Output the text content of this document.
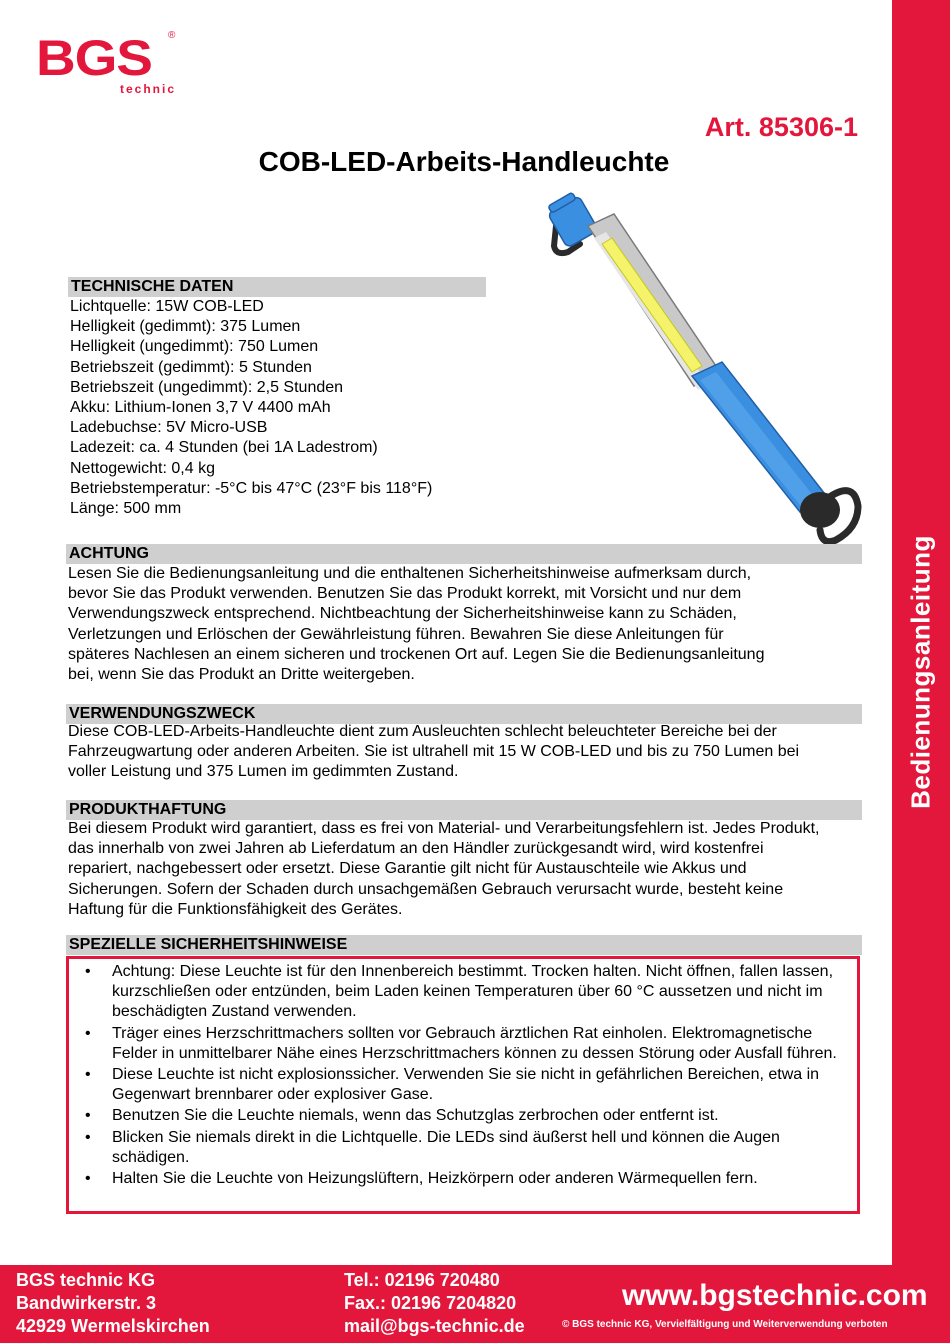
BGS ®
technic
Bedienungsanleitung
Art. 85306-1
COB-LED-Arbeits-Handleuchte
TECHNISCHE DATEN
Lichtquelle: 15W COB-LED
Helligkeit (gedimmt): 375 Lumen
Helligkeit (ungedimmt): 750 Lumen
Betriebszeit (gedimmt): 5 Stunden
Betriebszeit (ungedimmt): 2,5 Stunden
Akku: Lithium-Ionen 3,7 V 4400 mAh
Ladebuchse: 5V Micro-USB
Ladezeit: ca. 4 Stunden (bei 1A Ladestrom)
Nettogewicht: 0,4 kg
Betriebstemperatur: -5°C bis 47°C (23°F bis 118°F)
Länge: 500 mm
ACHTUNG
Lesen Sie die Bedienungsanleitung und die enthaltenen Sicherheitshinweise aufmerksam durch,
bevor Sie das Produkt verwenden. Benutzen Sie das Produkt korrekt, mit Vorsicht und nur dem
Verwendungszweck entsprechend. Nichtbeachtung der Sicherheitshinweise kann zu Schäden,
Verletzungen und Erlöschen der Gewährleistung führen. Bewahren Sie diese Anleitungen für
späteres Nachlesen an einem sicheren und trockenen Ort auf. Legen Sie die Bedienungsanleitung
bei, wenn Sie das Produkt an Dritte weitergeben.
VERWENDUNGSZWECK
Diese COB-LED-Arbeits-Handleuchte dient zum Ausleuchten schlecht beleuchteter Bereiche bei der
Fahrzeugwartung oder anderen Arbeiten. Sie ist ultrahell mit 15 W COB-LED und bis zu 750 Lumen bei
voller Leistung und 375 Lumen im gedimmten Zustand.
PRODUKTHAFTUNG
Bei diesem Produkt wird garantiert, dass es frei von Material- und Verarbeitungsfehlern ist. Jedes Produkt,
das innerhalb von zwei Jahren ab Lieferdatum an den Händler zurückgesandt wird, wird kostenfrei
repariert, nachgebessert oder ersetzt. Diese Garantie gilt nicht für Austauschteile wie Akkus und
Sicherungen. Sofern der Schaden durch unsachgemäßen Gebrauch verursacht wurde, besteht keine
Haftung für die Funktionsfähigkeit des Gerätes.
SPEZIELLE SICHERHEITSHINWEISE
• Achtung: Diese Leuchte ist für den Innenbereich bestimmt. Trocken halten. Nicht öffnen, fallen lassen, kurzschließen oder entzünden, beim Laden keinen Temperaturen über 60 °C aussetzen und nicht im beschädigten Zustand verwenden.
• Träger eines Herzschrittmachers sollten vor Gebrauch ärztlichen Rat einholen. Elektromagnetische Felder in unmittelbarer Nähe eines Herzschrittmachers können zu dessen Störung oder Ausfall führen.
• Diese Leuchte ist nicht explosionssicher. Verwenden Sie sie nicht in gefährlichen Bereichen, etwa in Gegenwart brennbarer oder explosiver Gase.
• Benutzen Sie die Leuchte niemals, wenn das Schutzglas zerbrochen oder entfernt ist.
• Blicken Sie niemals direkt in die Lichtquelle. Die LEDs sind äußerst hell und können die Augen schädigen.
• Halten Sie die Leuchte von Heizungslüftern, Heizkörpern oder anderen Wärmequellen fern.
BGS technic KG
Bandwirkerstr. 3
42929 Wermelskirchen
Tel.: 02196 720480
Fax.: 02196 7204820
mail@bgs-technic.de
www.bgstechnic.com
© BGS technic KG, Vervielfältigung und Weiterverwendung verboten
